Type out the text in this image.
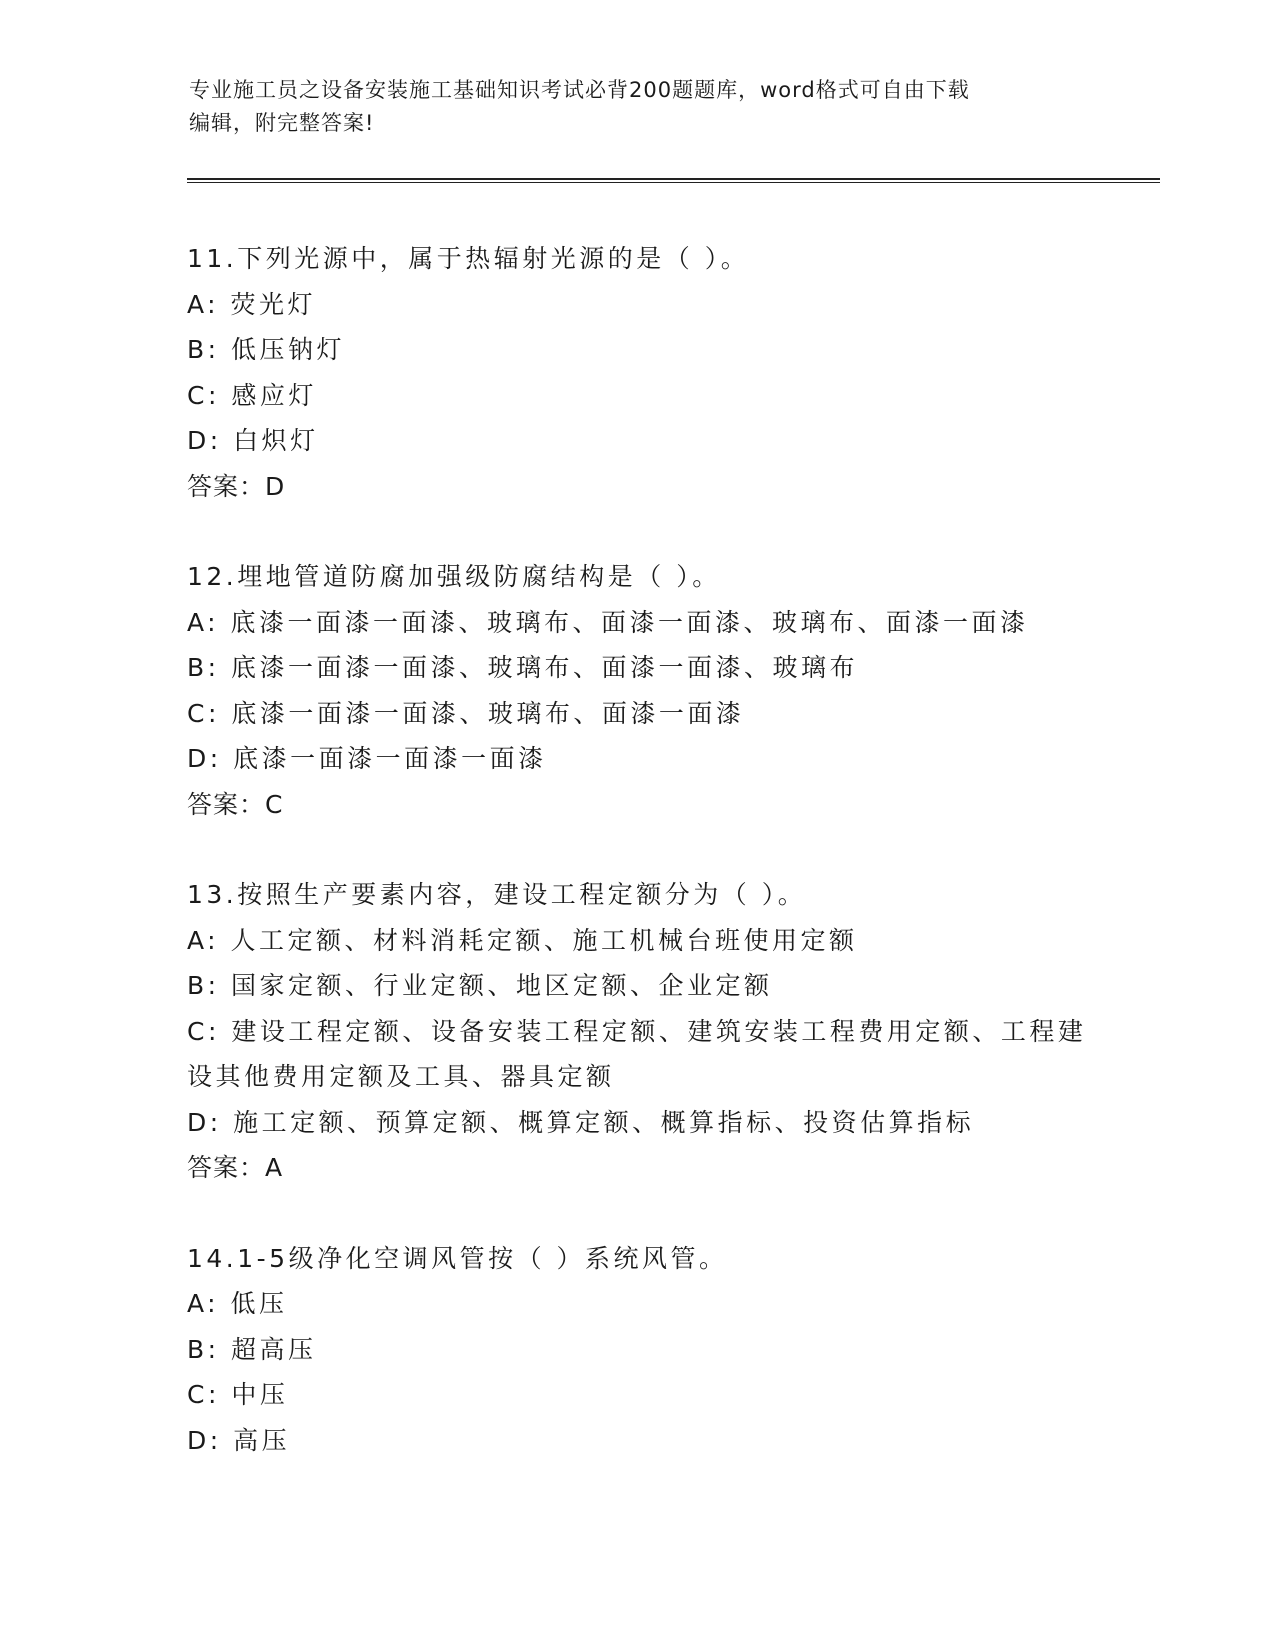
专业施工员之设备安装施工基础知识考试必背200题题库，word格式可自由下载
编辑，附完整答案!
11.下列光源中，属于热辐射光源的是（ ）。
A: 荧光灯
B: 低压钠灯
C: 感应灯
D: 白炽灯
答案：D
12.埋地管道防腐加强级防腐结构是（ ）。
A: 底漆一面漆一面漆、玻璃布、面漆一面漆、玻璃布、面漆一面漆
B: 底漆一面漆一面漆、玻璃布、面漆一面漆、玻璃布
C: 底漆一面漆一面漆、玻璃布、面漆一面漆
D: 底漆一面漆一面漆一面漆
答案：C
13.按照生产要素内容，建设工程定额分为（ ）。
A: 人工定额、材料消耗定额、施工机械台班使用定额
B: 国家定额、行业定额、地区定额、企业定额
C: 建设工程定额、设备安装工程定额、建筑安装工程费用定额、工程建设其他费用定额及工具、器具定额
D: 施工定额、预算定额、概算定额、概算指标、投资估算指标
答案：A
14.1-5级净化空调风管按（ ）系统风管。
A: 低压
B: 超高压
C: 中压
D: 高压
